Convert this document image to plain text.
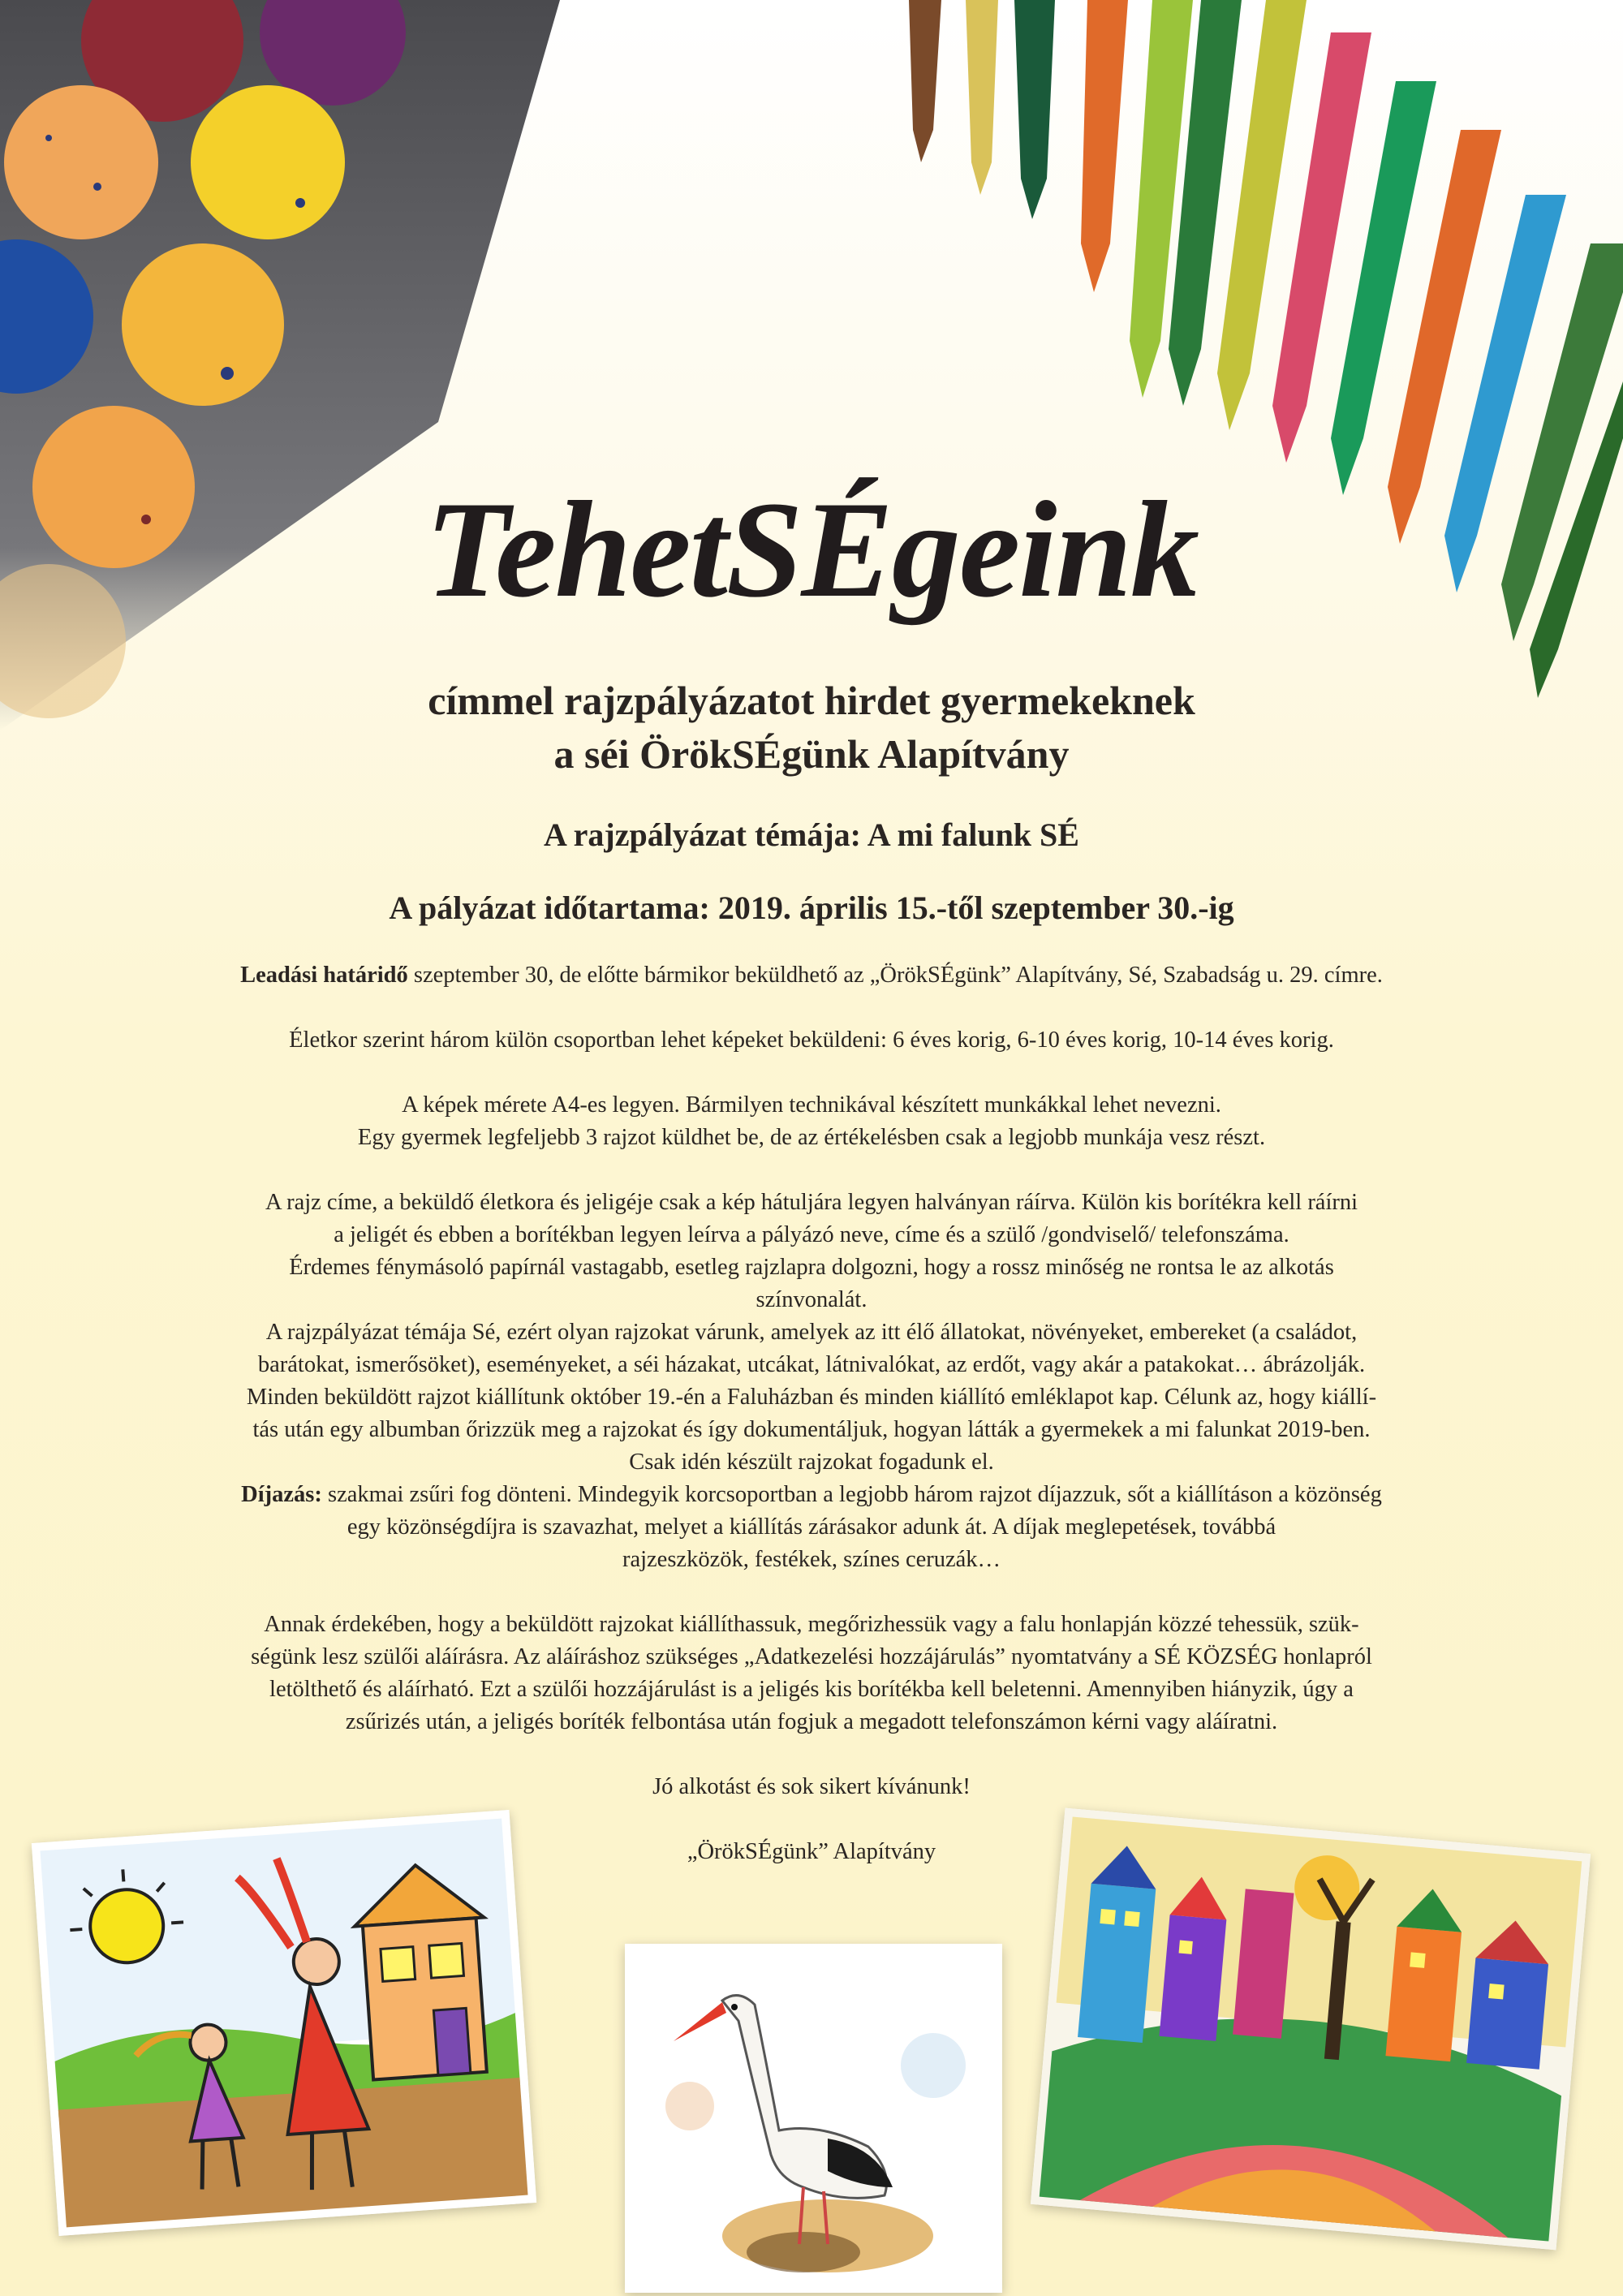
TehetSÉgeink
címmel rajzpályázatot hirdet gyermekeknek
a séi ÖrökSÉgünk Alapítvány
A rajzpályázat témája: A mi falunk SÉ
A pályázat időtartama: 2019. április 15.-től szeptember 30.-ig

Leadási határidő szeptember 30, de előtte bármikor beküldhető az „ÖrökSÉgünk” Alapítvány, Sé, Szabadság u. 29. címre.

Életkor szerint három külön csoportban lehet képeket beküldeni: 6 éves korig, 6-10 éves korig, 10-14 éves korig.

A képek mérete A4-es legyen. Bármilyen technikával készített munkákkal lehet nevezni.
Egy gyermek legfeljebb 3 rajzot küldhet be, de az értékelésben csak a legjobb munkája vesz részt.

A rajz címe, a beküldő életkora és jeligéje csak a kép hátuljára legyen halványan ráírva. Külön kis borítékra kell ráírni
a jeligét és ebben a borítékban legyen leírva a pályázó neve, címe és a szülő /gondviselő/ telefonszáma.
Érdemes fénymásoló papírnál vastagabb, esetleg rajzlapra dolgozni, hogy a rossz minőség ne rontsa le az alkotás
színvonalát.
A rajzpályázat témája Sé, ezért olyan rajzokat várunk, amelyek az itt élő állatokat, növényeket, embereket (a családot,
barátokat, ismerősöket), eseményeket, a séi házakat, utcákat, látnivalókat, az erdőt, vagy akár a patakokat… ábrázolják.
Minden beküldött rajzot kiállítunk október 19.-én a Faluházban és minden kiállító emléklapot kap. Célunk az, hogy kiállí-
tás után egy albumban őrizzük meg a rajzokat és így dokumentáljuk, hogyan látták a gyermekek a mi falunkat 2019-ben.
Csak idén készült rajzokat fogadunk el.

Díjazás: szakmai zsűri fog dönteni. Mindegyik korcsoportban a legjobb három rajzot díjazzuk, sőt a kiállításon a közönség
egy közönségdíjra is szavazhat, melyet a kiállítás zárásakor adunk át. A díjak meglepetések, továbbá
rajzeszközök, festékek, színes ceruzák…

Annak érdekében, hogy a beküldött rajzokat kiállíthassuk, megőrizhessük vagy a falu honlapján közzé tehessük, szük-
ségünk lesz szülői aláírásra. Az aláíráshoz szükséges „Adatkezelési hozzájárulás” nyomtatvány a SÉ KÖZSÉG honlapról
letölthető és aláírható. Ezt a szülői hozzájárulást is a jeligés kis borítékba kell beletenni. Amennyiben hiányzik, úgy a
zsűrizés után, a jeligés boríték felbontása után fogjuk a megadott telefonszámon kérni vagy aláíratni.

Jó alkotást és sok sikert kívánunk!

„ÖrökSÉgünk” Alapítvány
